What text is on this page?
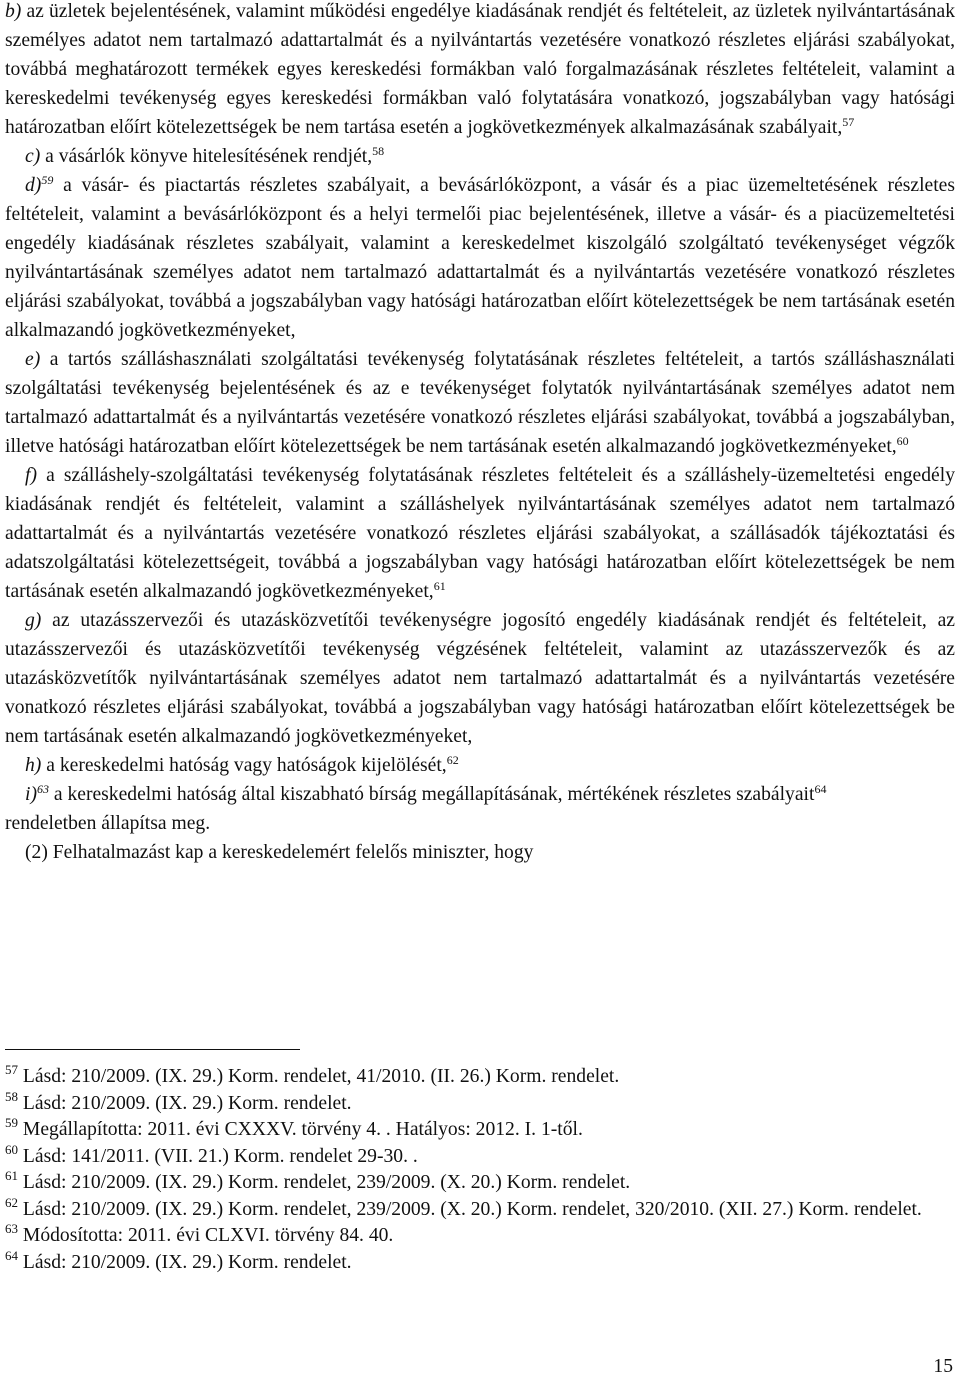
b) az üzletek bejelentésének, valamint működési engedélye kiadásának rendjét és feltételeit, az üzletek nyilvántartásának személyes adatot nem tartalmazó adattartalmát és a nyilvántartás vezetésére vonatkozó részletes eljárási szabályokat, továbbá meghatározott termékek egyes kereskedési formákban való forgalmazásának részletes feltételeit, valamint a kereskedelmi tevékenység egyes kereskedési formákban való folytatására vonatkozó, jogszabályban vagy hatósági határozatban előírt kötelezettségek be nem tartása esetén a jogkövetkezmények alkalmazásának szabályait,$^{57}$

c) a vásárlók könyve hitelesítésének rendjét,$^{58}$

d)$^{59}$ a vásár- és piactartás részletes szabályait, a bevásárlóközpont, a vásár és a piac üzemeltetésének részletes feltételeit, valamint a bevásárlóközpont és a helyi termelői piac bejelentésének, illetve a vásár- és a piacüzemeltetési engedély kiadásának részletes szabályait, valamint a kereskedelmet kiszolgáló szolgáltató tevékenységet végzők nyilvántartásának személyes adatot nem tartalmazó adattartalmát és a nyilvántartás vezetésére vonatkozó részletes eljárási szabályokat, továbbá a jogszabályban vagy hatósági határozatban előírt kötelezettségek be nem tartásának esetén alkalmazandó jogkövetkezményeket,

e) a tartós szálláshasználati szolgáltatási tevékenység folytatásának részletes feltételeit, a tartós szálláshasználati szolgáltatási tevékenység bejelentésének és az e tevékenységet folytatók nyilvántartásának személyes adatot nem tartalmazó adattartalmát és a nyilvántartás vezetésére vonatkozó részletes eljárási szabályokat, továbbá a jogszabályban, illetve hatósági határozatban előírt kötelezettségek be nem tartásának esetén alkalmazandó jogkövetkezményeket,$^{60}$

f) a szálláshely-szolgáltatási tevékenység folytatásának részletes feltételeit és a szálláshely-üzemeltetési engedély kiadásának rendjét és feltételeit, valamint a szálláshelyek nyilvántartásának személyes adatot nem tartalmazó adattartalmát és a nyilvántartás vezetésére vonatkozó részletes eljárási szabályokat, a szállásadók tájékoztatási és adatszolgáltatási kötelezettségeit, továbbá a jogszabályban vagy hatósági határozatban előírt kötelezettségek be nem tartásának esetén alkalmazandó jogkövetkezményeket,$^{61}$

g) az utazásszervezői és utazásközvetítői tevékenységre jogosító engedély kiadásának rendjét és feltételeit, az utazásszervezői és utazásközvetítői tevékenység végzésének feltételeit, valamint az utazásszervezők és az utazásközvetítők nyilvántartásának személyes adatot nem tartalmazó adattartalmát és a nyilvántartás vezetésére vonatkozó részletes eljárási szabályokat, továbbá a jogszabályban vagy hatósági határozatban előírt kötelezettségek be nem tartásának esetén alkalmazandó jogkövetkezményeket,

h) a kereskedelmi hatóság vagy hatóságok kijelölését,$^{62}$

i)$^{63}$ a kereskedelmi hatóság által kiszabható bírság megállapításának, mértékének részletes szabályait$^{64}$

rendeletben állapítsa meg.

(2) Felhatalmazást kap a kereskedelemért felelős miniszter, hogy

$^{57}$ Lásd: 210/2009. (IX. 29.) Korm. rendelet, 41/2010. (II. 26.) Korm. rendelet.

$^{58}$ Lásd: 210/2009. (IX. 29.) Korm. rendelet.

$^{59}$ Megállapította: 2011. évi CXXXV. törvény 4. . Hatályos: 2012. I. 1-től.

$^{60}$ Lásd: 141/2011. (VII. 21.) Korm. rendelet 29-30. .

$^{61}$ Lásd: 210/2009. (IX. 29.) Korm. rendelet, 239/2009. (X. 20.) Korm. rendelet.

$^{62}$ Lásd: 210/2009. (IX. 29.) Korm. rendelet, 239/2009. (X. 20.) Korm. rendelet, 320/2010. (XII. 27.) Korm. rendelet.

$^{63}$ Módosította: 2011. évi CLXVI. törvény 84. 40.

$^{64}$ Lásd: 210/2009. (IX. 29.) Korm. rendelet.

15
